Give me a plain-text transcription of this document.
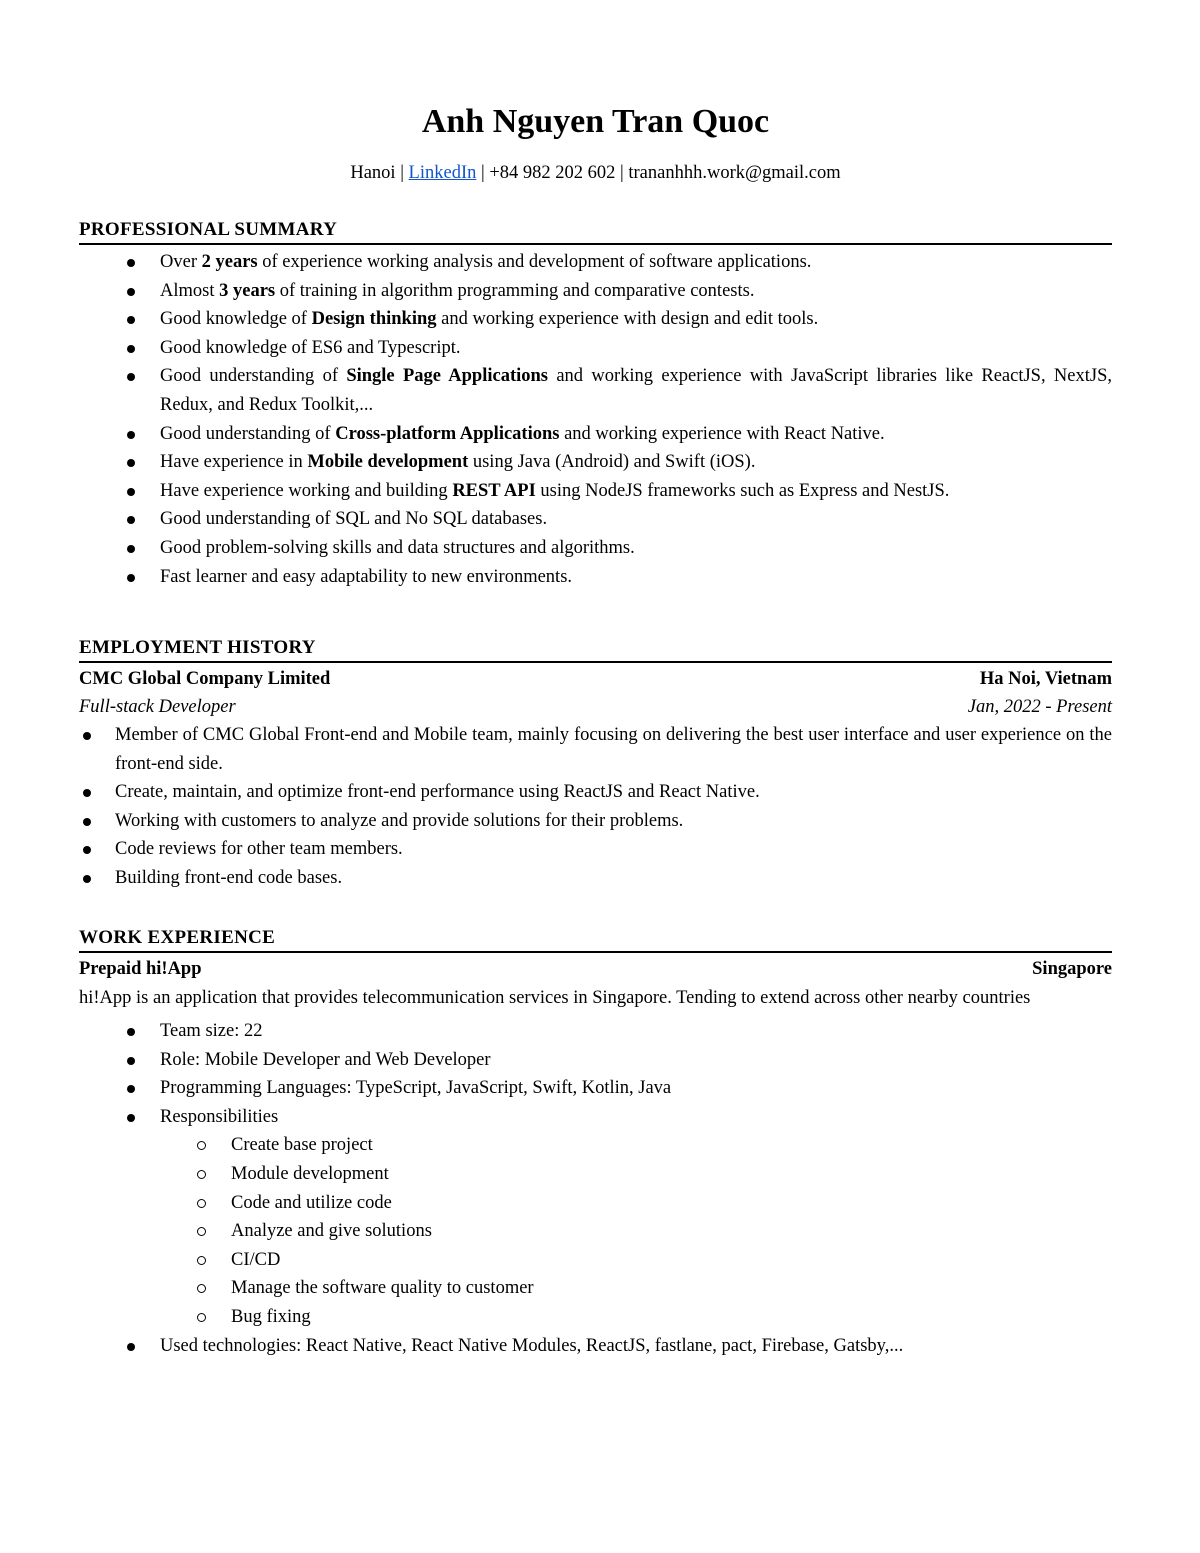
Anh Nguyen Tran Quoc
Hanoi | LinkedIn | +84 982 202 602 | trananhhh.work@gmail.com
PROFESSIONAL SUMMARY
Over 2 years of experience working analysis and development of software applications.
Almost 3 years of training in algorithm programming and comparative contests.
Good knowledge of Design thinking and working experience with design and edit tools.
Good knowledge of ES6 and Typescript.
Good understanding of Single Page Applications and working experience with JavaScript libraries like ReactJS, NextJS, Redux, and Redux Toolkit,...
Good understanding of Cross-platform Applications and working experience with React Native.
Have experience in Mobile development using Java (Android) and Swift (iOS).
Have experience working and building REST API using NodeJS frameworks such as Express and NestJS.
Good understanding of SQL and No SQL databases.
Good problem-solving skills and data structures and algorithms.
Fast learner and easy adaptability to new environments.
EMPLOYMENT HISTORY
CMC Global Company Limited	Ha Noi, Vietnam
Full-stack Developer	Jan, 2022 - Present
Member of CMC Global Front-end and Mobile team, mainly focusing on delivering the best user interface and user experience on the front-end side.
Create, maintain, and optimize front-end performance using ReactJS and React Native.
Working with customers to analyze and provide solutions for their problems.
Code reviews for other team members.
Building front-end code bases.
WORK EXPERIENCE
Prepaid hi!App	Singapore
hi!App is an application that provides telecommunication services in Singapore. Tending to extend across other nearby countries
Team size: 22
Role: Mobile Developer and Web Developer
Programming Languages: TypeScript, JavaScript, Swift, Kotlin, Java
Responsibilities
Create base project
Module development
Code and utilize code
Analyze and give solutions
CI/CD
Manage the software quality to customer
Bug fixing
Used technologies: React Native, React Native Modules, ReactJS, fastlane, pact, Firebase, Gatsby,...
